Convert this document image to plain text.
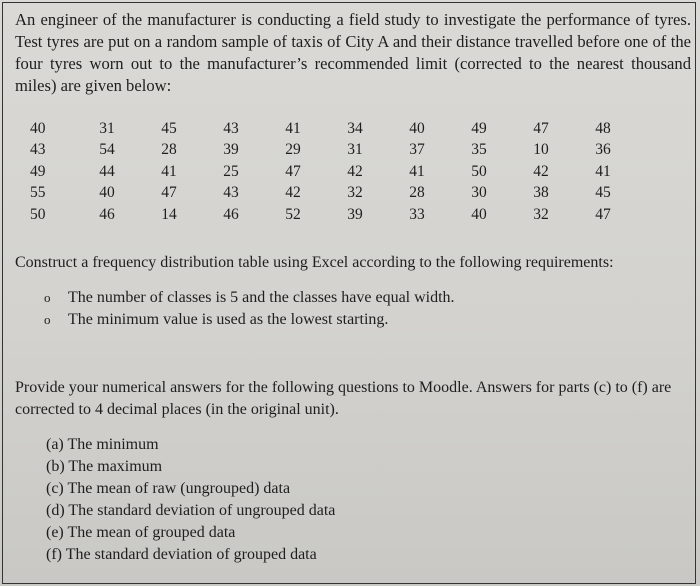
An engineer of the manufacturer is conducting a field study to investigate the performance of tyres. Test tyres are put on a random sample of taxis of City A and their distance travelled before one of the four tyres worn out to the manufacturer’s recommended limit (corrected to the nearest thousand miles) are given below:

40	31	45	43	41	34	40	49	47	48
43	54	28	39	29	31	37	35	10	36
49	44	41	25	47	42	41	50	42	41
55	40	47	43	42	32	28	30	38	45
50	46	14	46	52	39	33	40	32	47

Construct a frequency distribution table using Excel according to the following requirements:

o The number of classes is 5 and the classes have equal width.
o The minimum value is used as the lowest starting.

Provide your numerical answers for the following questions to Moodle. Answers for parts (c) to (f) are corrected to 4 decimal places (in the original unit).

(a) The minimum
(b) The maximum
(c) The mean of raw (ungrouped) data
(d) The standard deviation of ungrouped data
(e) The mean of grouped data
(f) The standard deviation of grouped data
